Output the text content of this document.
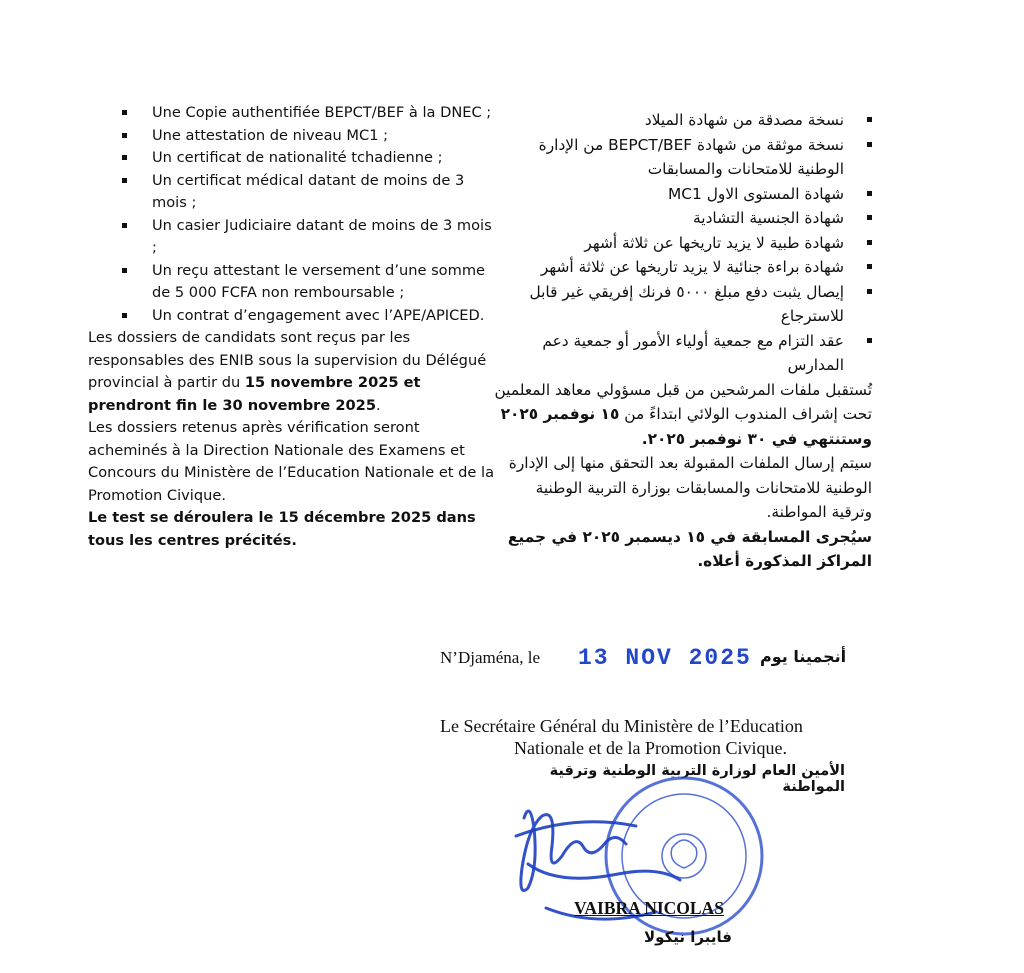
Une Copie authentifiée BEPCT/BEF à la DNEC ;
Une attestation de niveau MC1 ;
Un certificat de nationalité tchadienne ;
Un certificat médical datant de moins de 3 mois ;
Un casier Judiciaire datant de moins de 3 mois ;
Un reçu attestant le versement d’une somme de 5 000 FCFA non remboursable ;
Un contrat d’engagement avec l’APE/APICED.

Les dossiers de candidats sont reçus par les responsables des ENIB sous la supervision du Délégué provincial à partir du 15 novembre 2025 et prendront fin le 30 novembre 2025.

Les dossiers retenus après vérification seront acheminés à la Direction Nationale des Examens et Concours du Ministère de l’Education Nationale et de la Promotion Civique.

Le test se déroulera le 15 décembre 2025 dans tous les centres précités.

نسخة مصدقة من شهادة الميلاد
نسخة موثقة من شهادة BEPCT/BEF من الإدارة الوطنية للامتحانات والمسابقات
شهادة المستوى الاول MC1
شهادة الجنسية التشادية
شهادة طبية لا يزيد تاريخها عن ثلاثة أشهر
شهادة براءة جنائية لا يزيد تاريخها عن ثلاثة أشهر
إيصال يثبت دفع مبلغ ٥٠٠٠ فرنك إفريقي غير قابل للاسترجاع
عقد التزام مع جمعية أولياء الأمور أو جمعية دعم المدارس

تُستقبل ملفات المرشحين من قبل مسؤولي معاهد المعلمين تحت إشراف المندوب الولائي ابتداءً من ١٥ نوفمبر ٢٠٢٥ وستنتهي في ٣٠ نوفمبر ٢٠٢٥.

سيتم إرسال الملفات المقبولة بعد التحقق منها إلى الإدارة الوطنية للامتحانات والمسابقات بوزارة التربية الوطنية وترقية المواطنة.

سيُجرى المسابقة في ١٥ ديسمبر ٢٠٢٥ في جميع المراكز المذكورة أعلاه.

N’Djaména, le 13 NOV 2025 أنجمينا يوم
Le Secrétaire Général du Ministère de l’Education
Nationale et de la Promotion Civique.
الأمين العام لوزارة التربية الوطنية وترقية المواطنة
VAIBRA NICOLAS
فايبرا نيكولا
